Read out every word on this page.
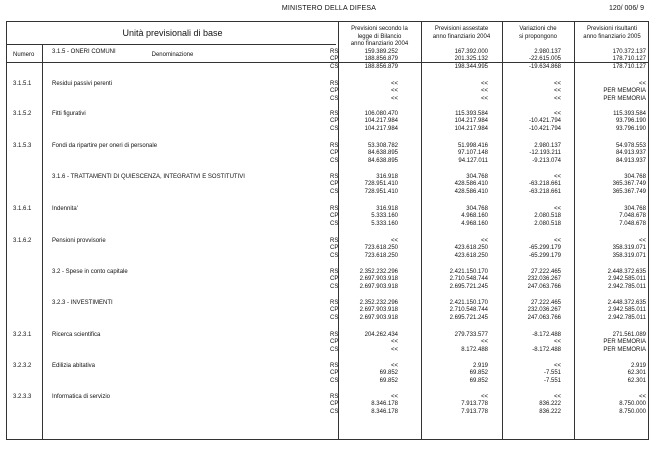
MINISTERO DELLA DIFESA	120/ 006/ 9
Unità previsionali di base
Numero	Denominazione
Previsioni secondo la
legge di Bilancio
anno finanziario 2004
Previsioni assestate
anno finanziario 2004
Variazioni che
si propongono
Previsioni risultanti
anno finanziario 2005
3.1.5 - ONERI COMUNI	RS	159.389.252	167.392.000	2.980.137	170.372.137
CP	188.856.879	201.325.132	-22.615.005	178.710.127
CS	188.856.879	198.344.995	-19.634.868	178.710.127
3.1.5.1	Residui passivi perenti	RS	<<	<<	<<	<<
CP	<<	<<	<<	PER MEMORIA
CS	<<	<<	<<	PER MEMORIA
3.1.5.2	Fitti figurativi	RS	106.080.470	115.393.584	<<	115.393.584
CP	104.217.984	104.217.984	-10.421.794	93.796.190
CS	104.217.984	104.217.984	-10.421.794	93.796.190
3.1.5.3	Fondi da ripartire per oneri di personale	RS	53.308.782	51.998.416	2.980.137	54.978.553
CP	84.638.895	97.107.148	-12.193.211	84.913.937
CS	84.638.895	94.127.011	-9.213.074	84.913.937
3.1.6 - TRATTAMENTI DI QUIESCENZA, INTEGRATIVI E SOSTITUTIVI	RS	316.918	304.768	<<	304.768
CP	728.951.410	428.586.410	-63.218.661	365.367.749
CS	728.951.410	428.586.410	-63.218.661	365.367.749
3.1.6.1	Indennita'	RS	316.918	304.768	<<	304.768
CP	5.333.160	4.968.160	2.080.518	7.048.678
CS	5.333.160	4.968.160	2.080.518	7.048.678
3.1.6.2	Pensioni provvisorie	RS	<<	<<	<<	<<
CP	723.618.250	423.618.250	-65.299.179	358.319.071
CS	723.618.250	423.618.250	-65.299.179	358.319.071
3.2 - Spese in conto capitale	RS	2.352.232.296	2.421.150.170	27.222.465	2.448.372.635
CP	2.697.903.918	2.710.548.744	232.036.267	2.942.585.011
CS	2.697.903.918	2.695.721.245	247.063.766	2.942.785.011
3.2.3 - INVESTIMENTI	RS	2.352.232.296	2.421.150.170	27.222.465	2.448.372.635
CP	2.697.903.918	2.710.548.744	232.036.267	2.942.585.011
CS	2.697.903.918	2.695.721.245	247.063.766	2.942.785.011
3.2.3.1	Ricerca scientifica	RS	204.262.434	279.733.577	-8.172.488	271.561.089
CP	<<	<<	<<	PER MEMORIA
CS	<<	8.172.488	-8.172.488	PER MEMORIA
3.2.3.2	Edilizia abitativa	RS	<<	2.919	<<	2.919
CP	69.852	69.852	-7.551	62.301
CS	69.852	69.852	-7.551	62.301
3.2.3.3	Informatica di servizio	RS	<<	<<	<<	<<
CP	8.346.178	7.913.778	836.222	8.750.000
CS	8.346.178	7.913.778	836.222	8.750.000
